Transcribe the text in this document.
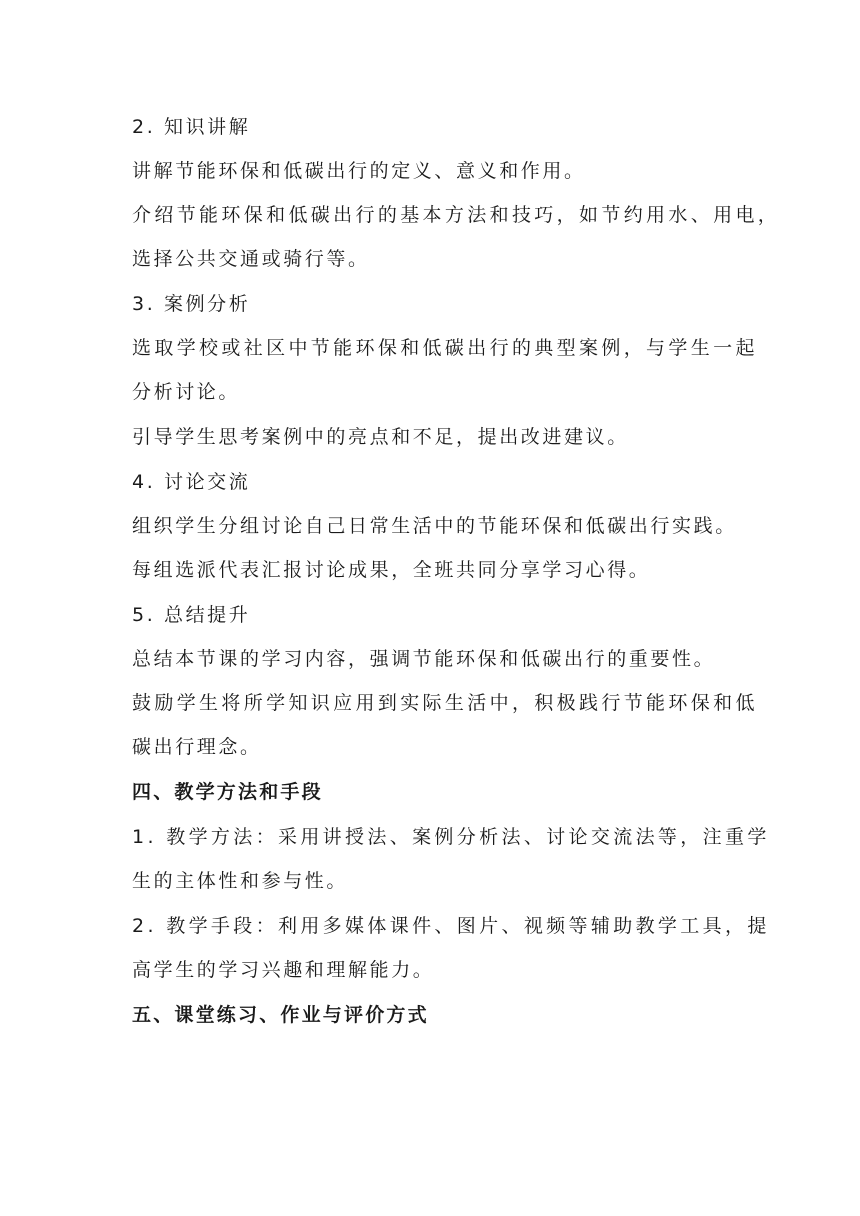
2. 知识讲解
讲解节能环保和低碳出行的定义、意义和作用。
介绍节能环保和低碳出行的基本方法和技巧，如节约用水、用电，
选择公共交通或骑行等。
3. 案例分析
选取学校或社区中节能环保和低碳出行的典型案例，与学生一起
分析讨论。
引导学生思考案例中的亮点和不足，提出改进建议。
4. 讨论交流
组织学生分组讨论自己日常生活中的节能环保和低碳出行实践。
每组选派代表汇报讨论成果，全班共同分享学习心得。
5. 总结提升
总结本节课的学习内容，强调节能环保和低碳出行的重要性。
鼓励学生将所学知识应用到实际生活中，积极践行节能环保和低
碳出行理念。
四、教学方法和手段
1. 教学方法：采用讲授法、案例分析法、讨论交流法等，注重学
生的主体性和参与性。
2. 教学手段：利用多媒体课件、图片、视频等辅助教学工具，提
高学生的学习兴趣和理解能力。
五、课堂练习、作业与评价方式
